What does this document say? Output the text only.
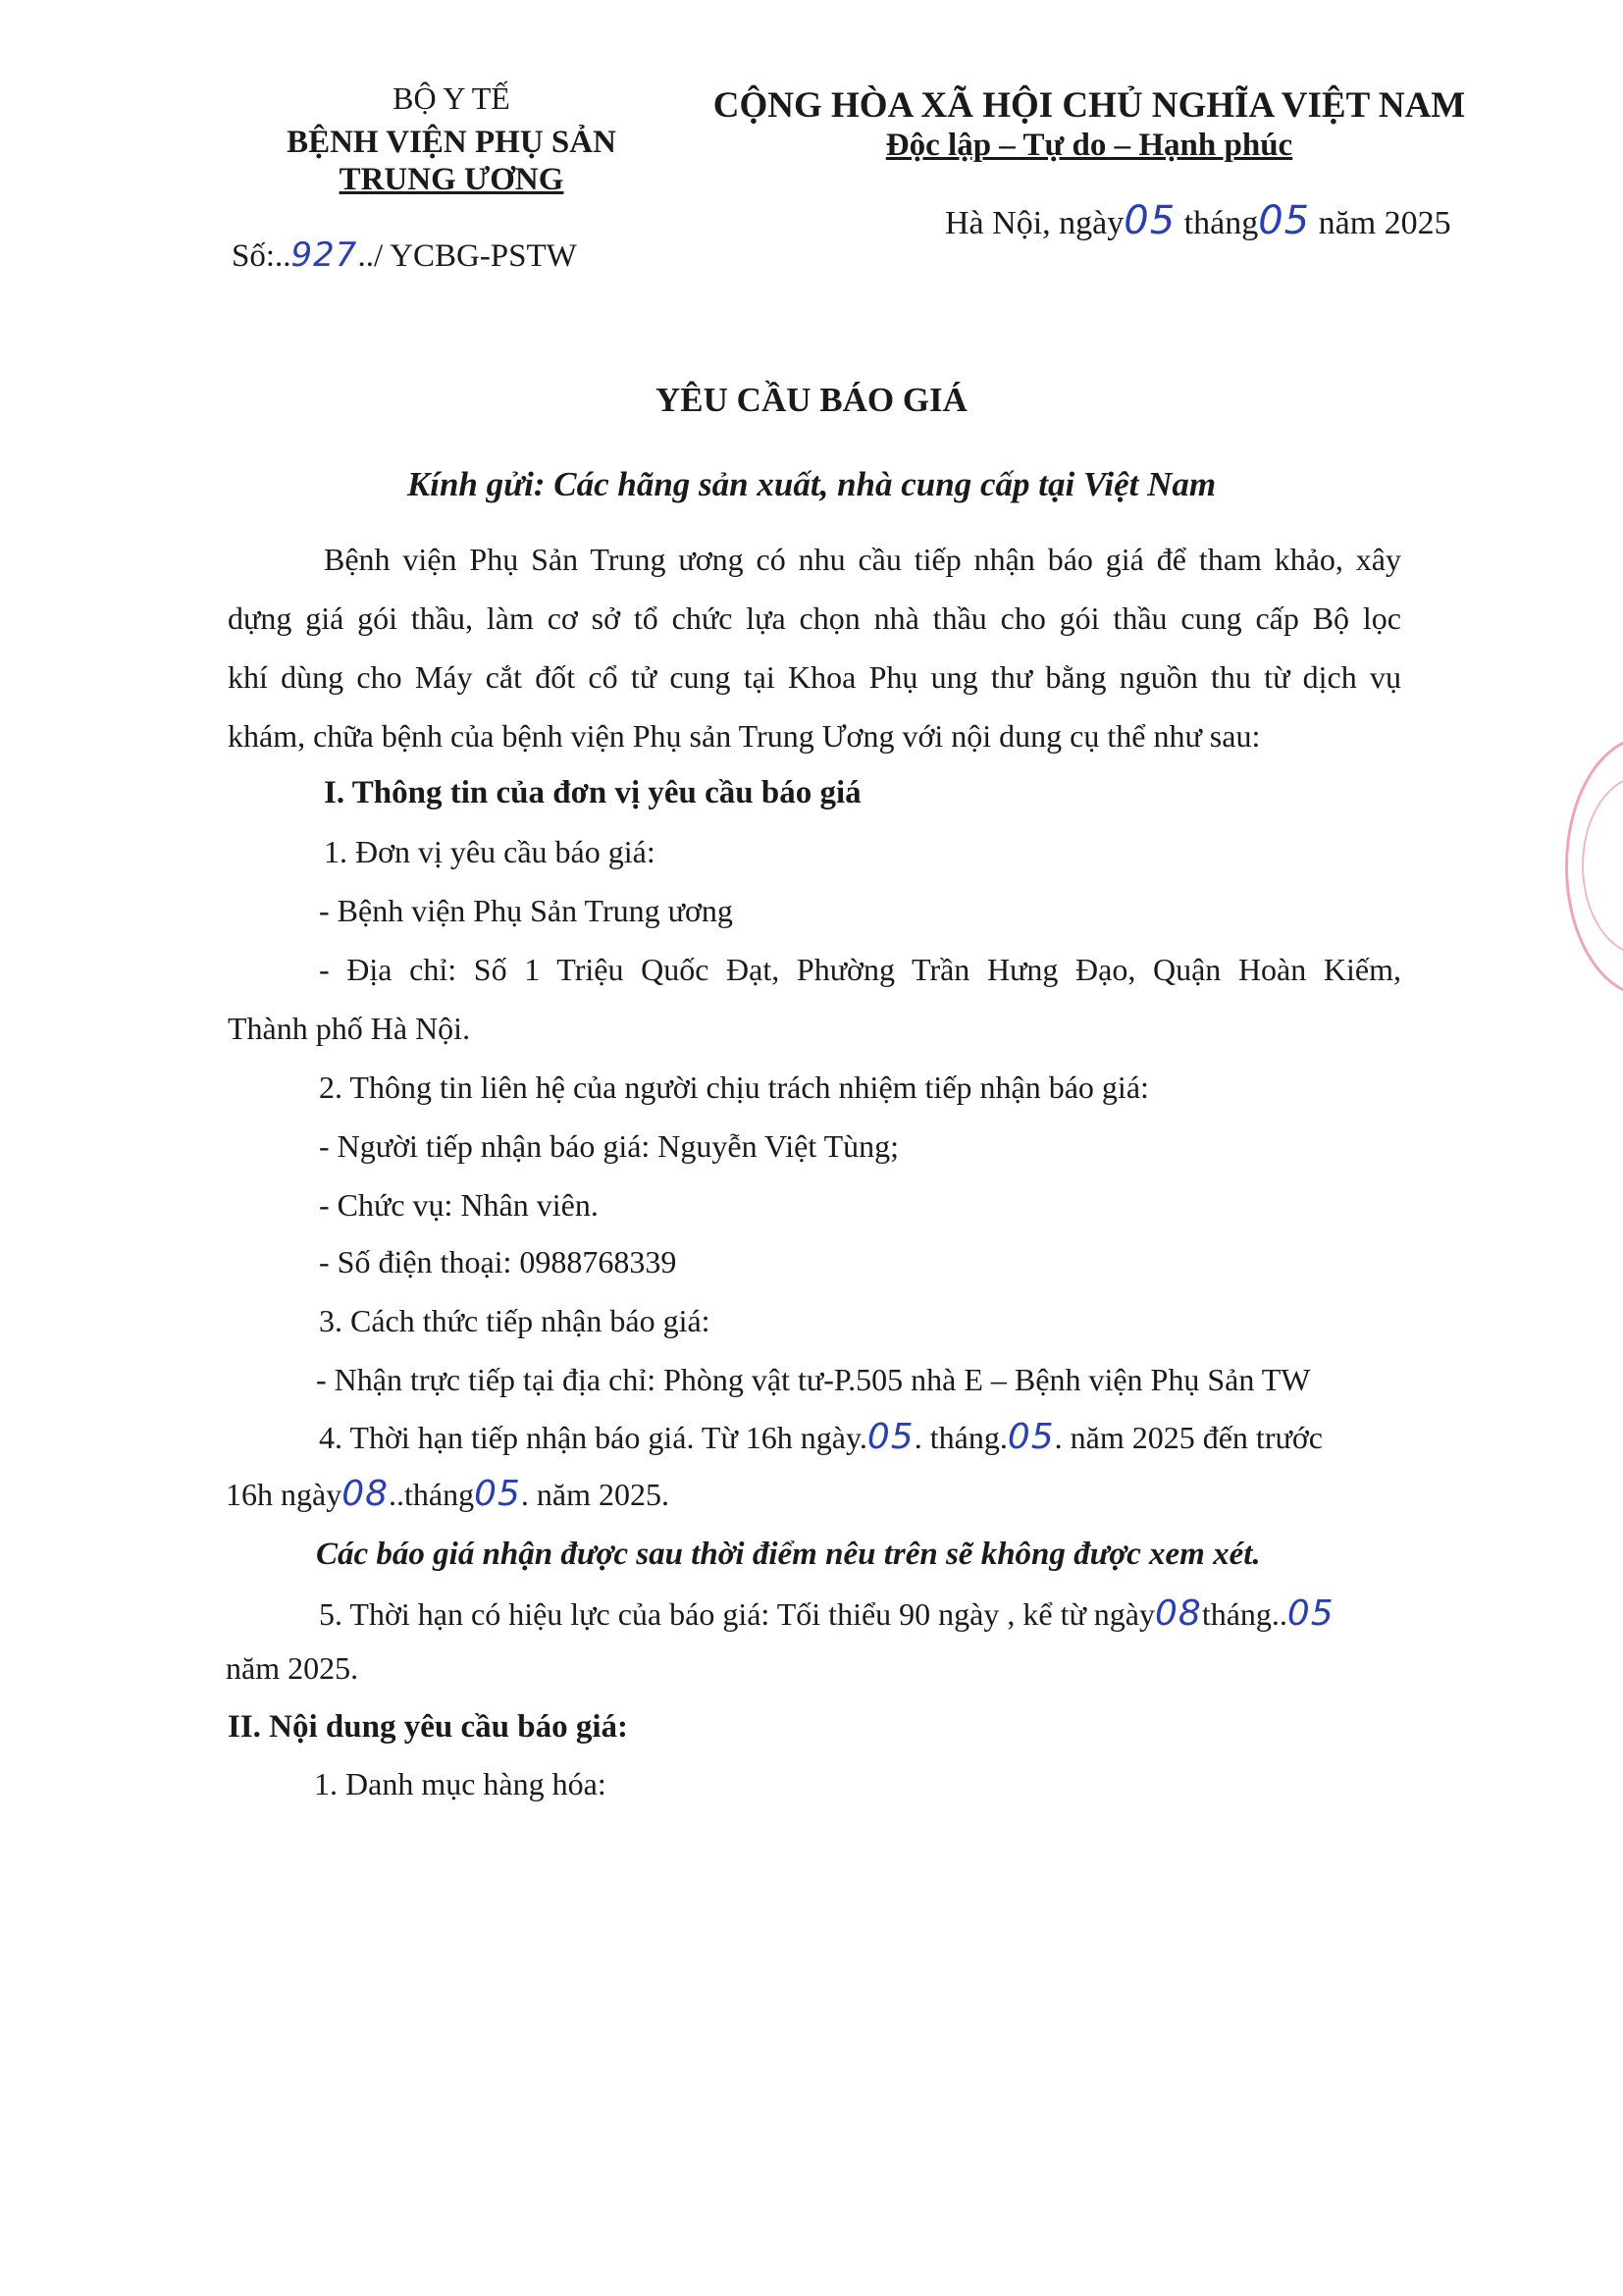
BỘ Y TẾ
BỆNH VIỆN PHỤ SẢN
TRUNG ƯƠNG
Số:..927../ YCBG-PSTW
CỘNG HÒA XÃ HỘI CHỦ NGHĨA VIỆT NAM
Độc lập – Tự do – Hạnh phúc
Hà Nội, ngày05 tháng05 năm 2025
YÊU CẦU BÁO GIÁ
Kính gửi: Các hãng sản xuất, nhà cung cấp tại Việt Nam
Bệnh viện Phụ Sản Trung ương có nhu cầu tiếp nhận báo giá để tham khảo, xây
dựng giá gói thầu, làm cơ sở tổ chức lựa chọn nhà thầu cho gói thầu cung cấp Bộ lọc
khí dùng cho Máy cắt đốt cổ tử cung tại Khoa Phụ ung thư bằng nguồn thu từ dịch vụ
khám, chữa bệnh của bệnh viện Phụ sản Trung Ương với nội dung cụ thể như sau:
I. Thông tin của đơn vị yêu cầu báo giá
1. Đơn vị yêu cầu báo giá:
- Bệnh viện Phụ Sản Trung ương
- Địa chỉ: Số 1 Triệu Quốc Đạt, Phường Trần Hưng Đạo, Quận Hoàn Kiếm,
Thành phố Hà Nội.
2. Thông tin liên hệ của người chịu trách nhiệm tiếp nhận báo giá:
- Người tiếp nhận báo giá: Nguyễn Việt Tùng;
- Chức vụ: Nhân viên.
- Số điện thoại: 0988768339
3. Cách thức tiếp nhận báo giá:
- Nhận trực tiếp tại địa chỉ: Phòng vật tư-P.505 nhà E – Bệnh viện Phụ Sản TW
4. Thời hạn tiếp nhận báo giá. Từ 16h ngày.05. tháng.05. năm 2025 đến trước
16h ngày08..tháng05. năm 2025.
Các báo giá nhận được sau thời điểm nêu trên sẽ không được xem xét.
5. Thời hạn có hiệu lực của báo giá: Tối thiểu 90 ngày , kể từ ngày08tháng..05
năm 2025.
II. Nội dung yêu cầu báo giá:
1. Danh mục hàng hóa:
